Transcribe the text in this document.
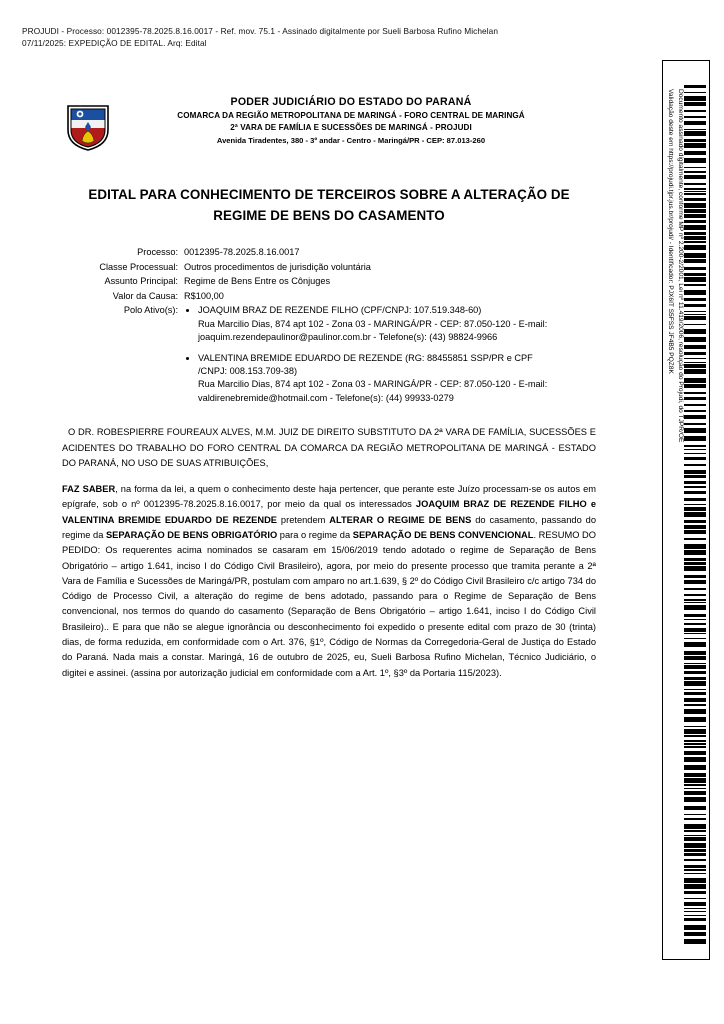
PROJUDI - Processo: 0012395-78.2025.8.16.0017 - Ref. mov. 75.1 - Assinado digitalmente por Sueli Barbosa Rufino Michelan
07/11/2025: EXPEDIÇÃO DE EDITAL. Arq: Edital
Documento assinado digitalmente, conforme MP nº 2.200-2/2001, Lei nº 11.419/2006, resolução do Projudi, do TJPR/OE
Validação deste em https://projudi.tjpr.jus.br/projudi/ - Identificador: PJX6IT S5FSS JF4B5 PQZ8K
PODER JUDICIÁRIO DO ESTADO DO PARANÁ
COMARCA DA REGIÃO METROPOLITANA DE MARINGÁ - FORO CENTRAL DE MARINGÁ
2ª VARA DE FAMÍLIA E SUCESSÕES DE MARINGÁ - PROJUDI
Avenida Tiradentes, 380 - 3º andar - Centro - Maringá/PR - CEP: 87.013-260
EDITAL PARA CONHECIMENTO DE TERCEIROS SOBRE A ALTERAÇÃO DE REGIME DE BENS DO CASAMENTO
Processo: 0012395-78.2025.8.16.0017
Classe Processual: Outros procedimentos de jurisdição voluntária
Assunto Principal: Regime de Bens Entre os Cônjuges
Valor da Causa: R$100,00
Polo Ativo(s):	• JOAQUIM BRAZ DE REZENDE FILHO (CPF/CNPJ: 107.519.348-60)
Rua Marcilio Dias, 874 apt 102 - Zona 03 - MARINGÁ/PR - CEP: 87.050-120 - E-mail:
joaquim.rezendepaulinor@paulinor.com.br - Telefone(s): (43) 98824-9966
• VALENTINA BREMIDE EDUARDO DE REZENDE (RG: 88455851 SSP/PR e CPF
/CNPJ: 008.153.709-38)
Rua Marcilio Dias, 874 apt 102 - Zona 03 - MARINGÁ/PR - CEP: 87.050-120 - E-mail:
valdirenebremide@hotmail.com - Telefone(s): (44) 99933-0279

O DR. ROBESPIERRE FOUREAUX ALVES, M.M. JUIZ DE DIREITO SUBSTITUTO DA 2ª VARA DE FAMÍLIA, SUCESSÕES E ACIDENTES DO TRABALHO DO FORO CENTRAL DA COMARCA DA REGIÃO METROPOLITANA DE MARINGÁ - ESTADO DO PARANÁ, NO USO DE SUAS ATRIBUIÇÕES,

FAZ SABER, na forma da lei, a quem o conhecimento deste haja pertencer, que perante este Juízo processam-se os autos em epígrafe, sob o nº 0012395-78.2025.8.16.0017, por meio da qual os interessados JOAQUIM BRAZ DE REZENDE FILHO e VALENTINA BREMIDE EDUARDO DE REZENDE pretendem ALTERAR O REGIME DE BENS do casamento, passando do regime da SEPARAÇÃO DE BENS OBRIGATÓRIO para o regime da SEPARAÇÃO DE BENS CONVENCIONAL. RESUMO DO PEDIDO: Os requerentes acima nominados se casaram em 15/06/2019 tendo adotado o regime de Separação de Bens Obrigatório – artigo 1.641, inciso I do Código Civil Brasileiro), agora, por meio do presente processo que tramita perante a 2ª Vara de Família e Sucessões de Maringá/PR, postulam com amparo no art.1.639, § 2º do Código Civil Brasileiro c/c artigo 734 do Código de Processo Civil, a alteração do regime de bens adotado, passando para o Regime de Separação de Bens convencional, nos termos do quando do casamento (Separação de Bens Obrigatório – artigo 1.641, inciso I do Código Civil Brasileiro).. E para que não se alegue ignorância ou desconhecimento foi expedido o presente edital com prazo de 30 (trinta) dias, de forma reduzida, em conformidade com o Art. 376, §1º, Código de Normas da Corregedoria-Geral de Justiça do Estado do Paraná. Nada mais a constar. Maringá, 16 de outubro de 2025, eu, Sueli Barbosa Rufino Michelan, Técnico Judiciário, o digitei e assinei. (assina por autorização judicial em conformidade com a Art. 1º, §3º da Portaria 115/2023).
